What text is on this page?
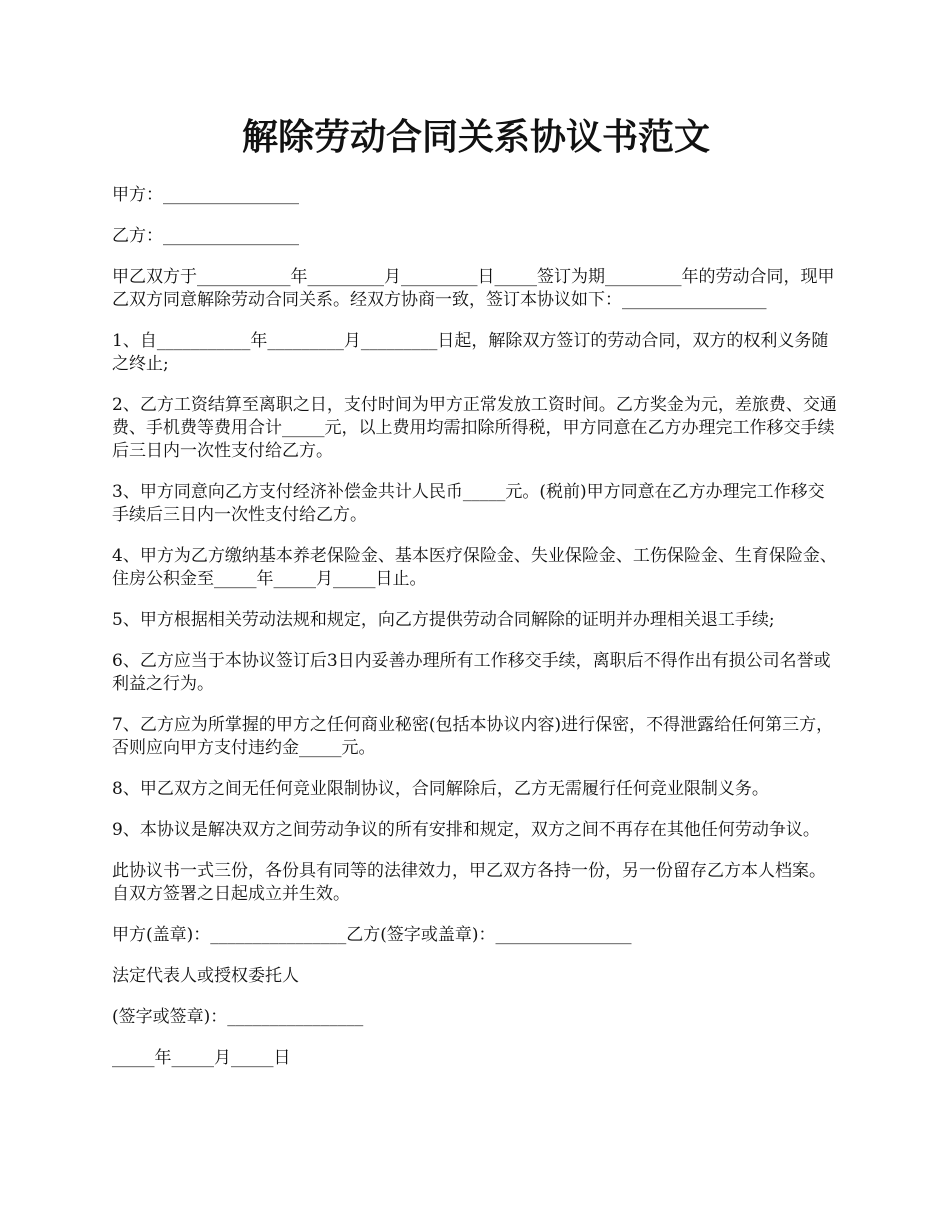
解除劳动合同关系协议书范文

甲方：________________

乙方：________________

甲乙双方于___________年_________月_________日_____签订为期_________年的劳动合同，现甲乙双方同意解除劳动合同关系。经双方协商一致，签订本协议如下：_________________

1、自___________年_________月_________日起，解除双方签订的劳动合同，双方的权利义务随之终止;

2、乙方工资结算至离职之日，支付时间为甲方正常发放工资时间。乙方奖金为元，差旅费、交通费、手机费等费用合计_____元，以上费用均需扣除所得税，甲方同意在乙方办理完工作移交手续后三日内一次性支付给乙方。

3、甲方同意向乙方支付经济补偿金共计人民币_____元。(税前)甲方同意在乙方办理完工作移交手续后三日内一次性支付给乙方。

4、甲方为乙方缴纳基本养老保险金、基本医疗保险金、失业保险金、工伤保险金、生育保险金、住房公积金至_____年_____月_____日止。

5、甲方根据相关劳动法规和规定，向乙方提供劳动合同解除的证明并办理相关退工手续;

6、乙方应当于本协议签订后3日内妥善办理所有工作移交手续，离职后不得作出有损公司名誉或利益之行为。

7、乙方应为所掌握的甲方之任何商业秘密(包括本协议内容)进行保密，不得泄露给任何第三方，否则应向甲方支付违约金_____元。

8、甲乙双方之间无任何竞业限制协议，合同解除后，乙方无需履行任何竞业限制义务。

9、本协议是解决双方之间劳动争议的所有安排和规定，双方之间不再存在其他任何劳动争议。

此协议书一式三份，各份具有同等的法律效力，甲乙双方各持一份，另一份留存乙方本人档案。自双方签署之日起成立并生效。

甲方(盖章)：________________乙方(签字或盖章)：________________

法定代表人或授权委托人

(签字或签章)：________________

_____年_____月_____日
